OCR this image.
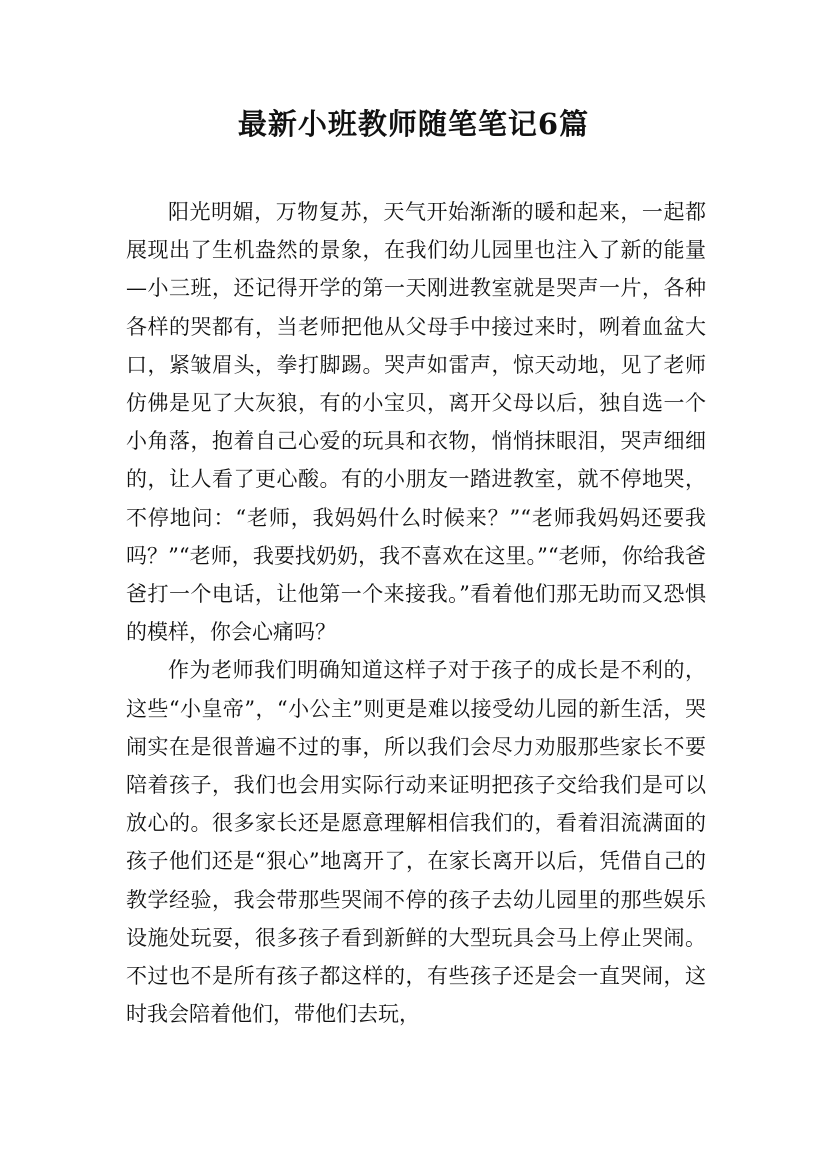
最新小班教师随笔笔记6篇

阳光明媚，万物复苏，天气开始渐渐的暖和起来，一起都展现出了生机盎然的景象，在我们幼儿园里也注入了新的能量—小三班，还记得开学的第一天刚进教室就是哭声一片，各种各样的哭都有，当老师把他从父母手中接过来时，咧着血盆大口，紧皱眉头，拳打脚踢。哭声如雷声，惊天动地，见了老师仿佛是见了大灰狼，有的小宝贝，离开父母以后，独自选一个小角落，抱着自己心爱的玩具和衣物，悄悄抹眼泪，哭声细细的，让人看了更心酸。有的小朋友一踏进教室，就不停地哭，不停地问：“老师，我妈妈什么时候来？”“老师我妈妈还要我吗？”“老师，我要找奶奶，我不喜欢在这里。”“老师，你给我爸爸打一个电话，让他第一个来接我。”看着他们那无助而又恐惧的模样，你会心痛吗？

作为老师我们明确知道这样子对于孩子的成长是不利的，这些“小皇帝”，“小公主”则更是难以接受幼儿园的新生活，哭闹实在是很普遍不过的事，所以我们会尽力劝服那些家长不要陪着孩子，我们也会用实际行动来证明把孩子交给我们是可以放心的。很多家长还是愿意理解相信我们的，看着泪流满面的孩子他们还是“狠心”地离开了，在家长离开以后，凭借自己的教学经验，我会带那些哭闹不停的孩子去幼儿园里的那些娱乐设施处玩耍，很多孩子看到新鲜的大型玩具会马上停止哭闹。不过也不是所有孩子都这样的，有些孩子还是会一直哭闹，这时我会陪着他们，带他们去玩，
